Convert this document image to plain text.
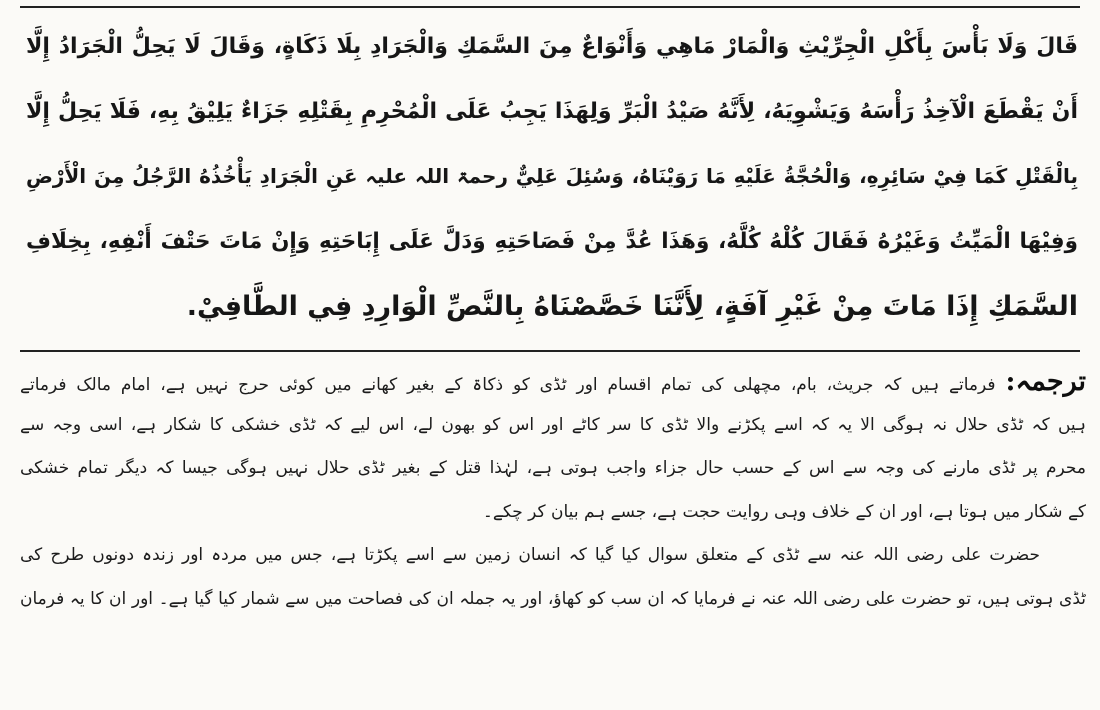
قَالَ وَلَا بَأْسَ بِأَكْلِ الْجِرِّيْثِ وَالْمَارْ مَاهِي وَأَنْوَاعٌ مِنَ السَّمَكِ وَالْجَرَادِ بِلَا ذَكَاةٍ، وَقَالَ لَا يَحِلُّ الْجَرَادُ إِلَّا
أَنْ يَقْطَعَ الْآخِذُ رَأْسَهُ وَيَشْوِيَهُ، لِأَنَّهُ صَيْدُ الْبَرِّ وَلِهَذَا يَجِبُ عَلَى الْمُحْرِمِ بِقَتْلِهِ جَزَاءٌ يَلِيْقُ بِهِ، فَلَا يَحِلُّ إِلَّا
بِالْقَتْلِ كَمَا فِيْ سَائِرِهِ، وَالْحُجَّةُ عَلَيْهِ مَا رَوَيْنَاهُ، وَسُئِلَ عَلِيٌّ رحمۃ اللہ علیہ عَنِ الْجَرَادِ يَأْخُذُهُ الرَّجُلُ مِنَ الْأَرْضِ
وَفِيْهَا الْمَيِّتُ وَغَيْرُهُ فَقَالَ كُلْهُ كُلَّهُ، وَهَذَا عُدَّ مِنْ فَصَاحَتِهِ وَدَلَّ عَلَى إِبَاحَتِهِ وَإِنْ مَاتَ حَتْفَ أَنْفِهِ، بِخِلَافِ
السَّمَكِ إِذَا مَاتَ مِنْ غَيْرِ آفَةٍ، لِأَنَّنَا خَصَّصْنَاهُ بِالنَّصِّ الْوَارِدِ فِي الطَّافِيْ.
ترجمہ:فرماتے ہیں کہ جریث، بام، مچھلی کی تمام اقسام اور ٹڈی کو ذکاۃ کے بغیر کھانے میں کوئی حرج نہیں ہے، امام مالک فرماتے
ہیں کہ ٹڈی حلال نہ ہوگی الا یہ کہ اسے پکڑنے والا ٹڈی کا سر کاٹے اور اس کو بھون لے، اس لیے کہ ٹڈی خشکی کا شکار ہے، اسی وجہ سے
محرم پر ٹڈی مارنے کی وجہ سے اس کے حسب حال جزاء واجب ہوتی ہے، لہٰذا قتل کے بغیر ٹڈی حلال نہیں ہوگی جیسا کہ دیگر تمام خشکی
کے شکار میں ہوتا ہے، اور ان کے خلاف وہی روایت حجت ہے، جسے ہم بیان کر چکے۔
حضرت علی رضی اللہ عنہ سے ٹڈی کے متعلق سوال کیا گیا کہ انسان زمین سے اسے پکڑتا ہے، جس میں مردہ اور زندہ دونوں طرح کی
ٹڈی ہوتی ہیں، تو حضرت علی رضی اللہ عنہ نے فرمایا کہ ان سب کو کھاؤ، اور یہ جملہ ان کی فصاحت میں سے شمار کیا گیا ہے۔ اور ان کا یہ فرمان
